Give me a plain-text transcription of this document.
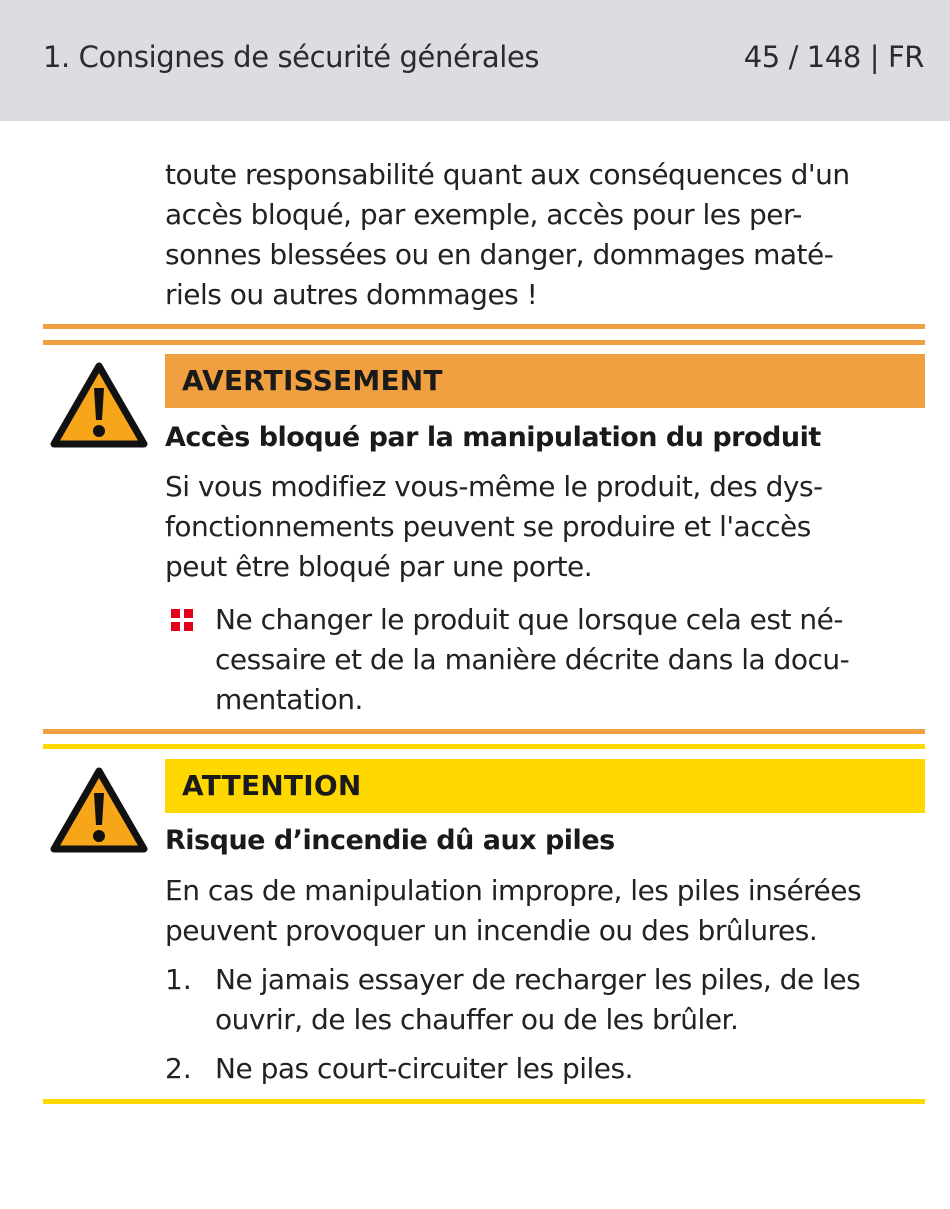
1. Consignes de sécurité générales	45 / 148 | FR
toute responsabilité quant aux conséquences d'un
accès bloqué, par exemple, accès pour les per-
sonnes blessées ou en danger, dommages maté-
riels ou autres dommages !
AVERTISSEMENT
Accès bloqué par la manipulation du produit
Si vous modifiez vous-même le produit, des dys-
fonctionnements peuvent se produire et l'accès
peut être bloqué par une porte.
Ne changer le produit que lorsque cela est né-
cessaire et de la manière décrite dans la docu-
mentation.
ATTENTION
Risque d’incendie dû aux piles
En cas de manipulation impropre, les piles insérées
peuvent provoquer un incendie ou des brûlures.
1. Ne jamais essayer de recharger les piles, de les
ouvrir, de les chauffer ou de les brûler.
2. Ne pas court-circuiter les piles.
